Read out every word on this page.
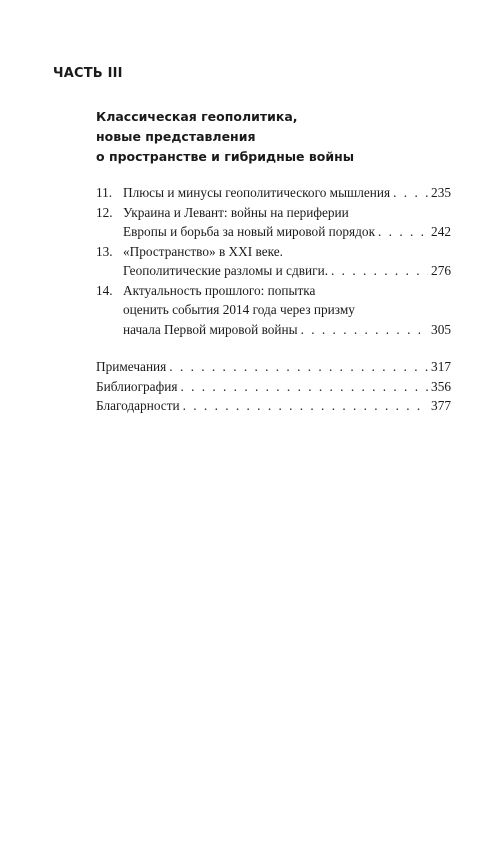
ЧАСТЬ III
Классическая геополитика,
новые представления
о пространстве и гибридные войны
11. Плюсы и минусы геополитического мышления . . .	235
12. Украина и Левант: войны на периферии
Европы и борьба за новый мировой порядок . . .	242
13. «Пространство» в XXI веке.
Геополитические разломы и сдвиги. . . .	276
14. Актуальность прошлого: попытка
оценить события 2014 года через призму
начала Первой мировой войны . . .	305
Примечания . . .	317
Библиография . . .	356
Благодарности . . .	377
